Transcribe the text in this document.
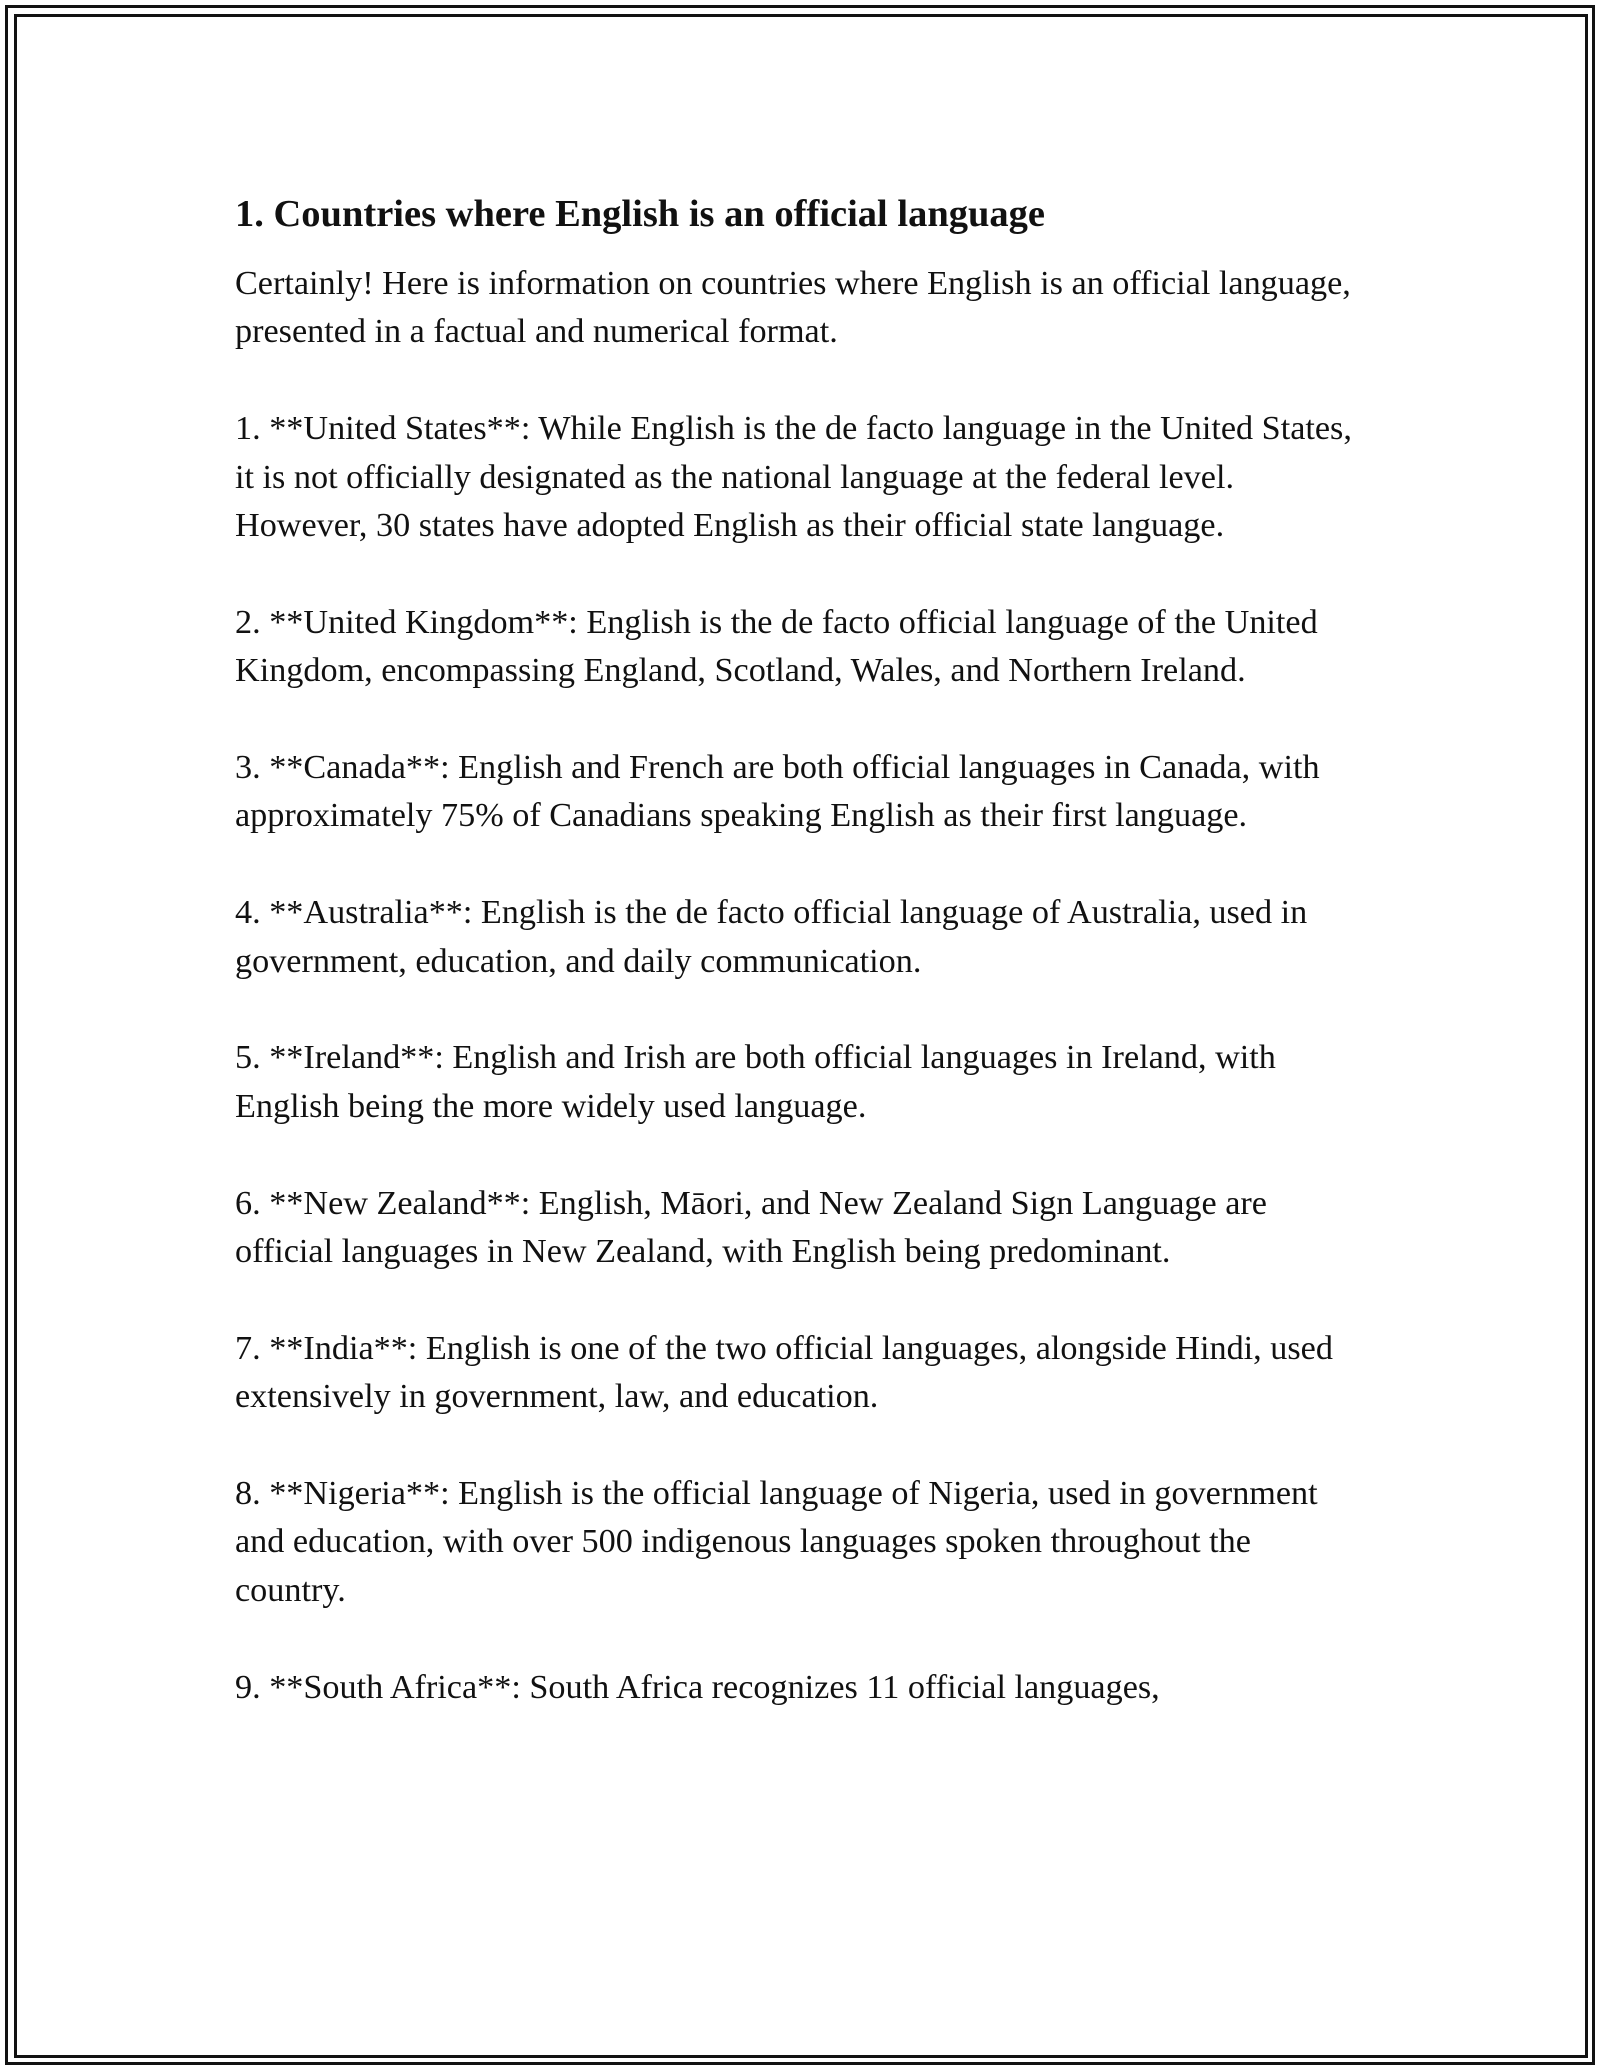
1. Countries where English is an official language

Certainly! Here is information on countries where English is an official language, presented in a factual and numerical format.

1. **United States**: While English is the de facto language in the United States, it is not officially designated as the national language at the federal level. However, 30 states have adopted English as their official state language.

2. **United Kingdom**: English is the de facto official language of the United Kingdom, encompassing England, Scotland, Wales, and Northern Ireland.

3. **Canada**: English and French are both official languages in Canada, with approximately 75% of Canadians speaking English as their first language.

4. **Australia**: English is the de facto official language of Australia, used in government, education, and daily communication.

5. **Ireland**: English and Irish are both official languages in Ireland, with English being the more widely used language.

6. **New Zealand**: English, Māori, and New Zealand Sign Language are official languages in New Zealand, with English being predominant.

7. **India**: English is one of the two official languages, alongside Hindi, used extensively in government, law, and education.

8. **Nigeria**: English is the official language of Nigeria, used in government and education, with over 500 indigenous languages spoken throughout the country.

9. **South Africa**: South Africa recognizes 11 official languages,
